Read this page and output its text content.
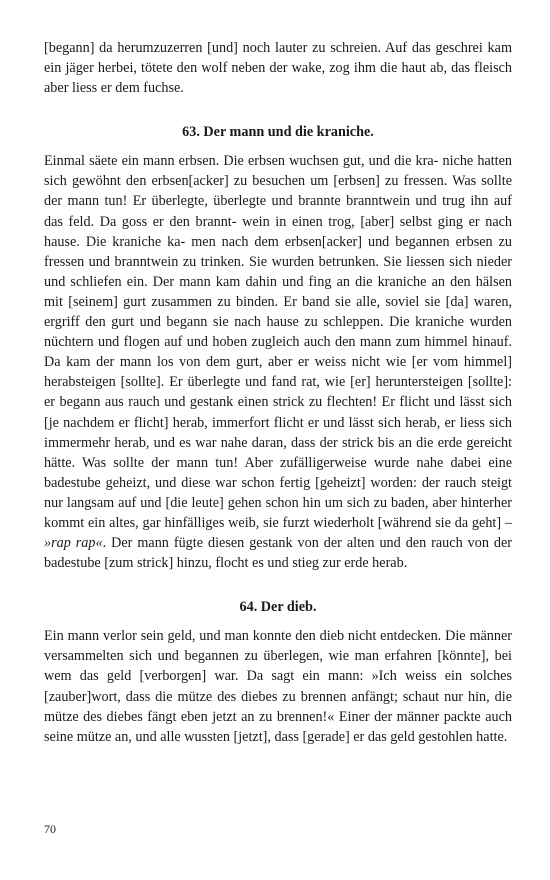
[begann] da herumzuzerren [und] noch lauter zu schreien. Auf das geschrei kam ein jäger herbei, tötete den wolf neben der wake, zog ihm die haut ab, das fleisch aber liess er dem fuchse.

63. Der mann und die kraniche.

Einmal säete ein mann erbsen. Die erbsen wuchsen gut, und die kra- niche hatten sich gewöhnt den erbsen[acker] zu besuchen um [erbsen] zu fressen. Was sollte der mann tun! Er überlegte, überlegte und brannte branntwein und trug ihn auf das feld. Da goss er den brannt- wein in einen trog, [aber] selbst ging er nach hause. Die kraniche ka- men nach dem erbsen[acker] und begannen erbsen zu fressen und branntwein zu trinken. Sie wurden betrunken. Sie liessen sich nieder und schliefen ein. Der mann kam dahin und fing an die kraniche an den hälsen mit [seinem] gurt zusammen zu binden. Er band sie alle, soviel sie [da] waren, ergriff den gurt und begann sie nach hause zu schleppen. Die kraniche wurden nüchtern und flogen auf und hoben zugleich auch den mann zum himmel hinauf. Da kam der mann los von dem gurt, aber er weiss nicht wie [er vom himmel] herabsteigen [sollte]. Er überlegte und fand rat, wie [er] heruntersteigen [sollte]: er begann aus rauch und gestank einen strick zu flechten! Er flicht und lässt sich [je nachdem er flicht] herab, immerfort flicht er und lässt sich herab, er liess sich immermehr herab, und es war nahe daran, dass der strick bis an die erde gereicht hätte. Was sollte der mann tun! Aber zufälligerweise wurde nahe dabei eine badestube geheizt, und diese war schon fertig [geheizt] worden: der rauch steigt nur langsam auf und [die leute] gehen schon hin um sich zu baden, aber hinterher kommt ein altes, gar hinfälliges weib, sie furzt wiederholt [während sie da geht] – »rap rap«. Der mann fügte diesen gestank von der alten und den rauch von der badestube [zum strick] hinzu, flocht es und stieg zur erde herab.

64. Der dieb.

Ein mann verlor sein geld, und man konnte den dieb nicht entdecken. Die männer versammelten sich und begannen zu überlegen, wie man erfahren [könnte], bei wem das geld [verborgen] war. Da sagt ein mann: »Ich weiss ein solches [zauber]wort, dass die mütze des diebes zu brennen anfängt; schaut nur hin, die mütze des diebes fängt eben jetzt an zu brennen!« Einer der männer packte auch seine mütze an, und alle wussten [jetzt], dass [gerade] er das geld gestohlen hatte.

70
